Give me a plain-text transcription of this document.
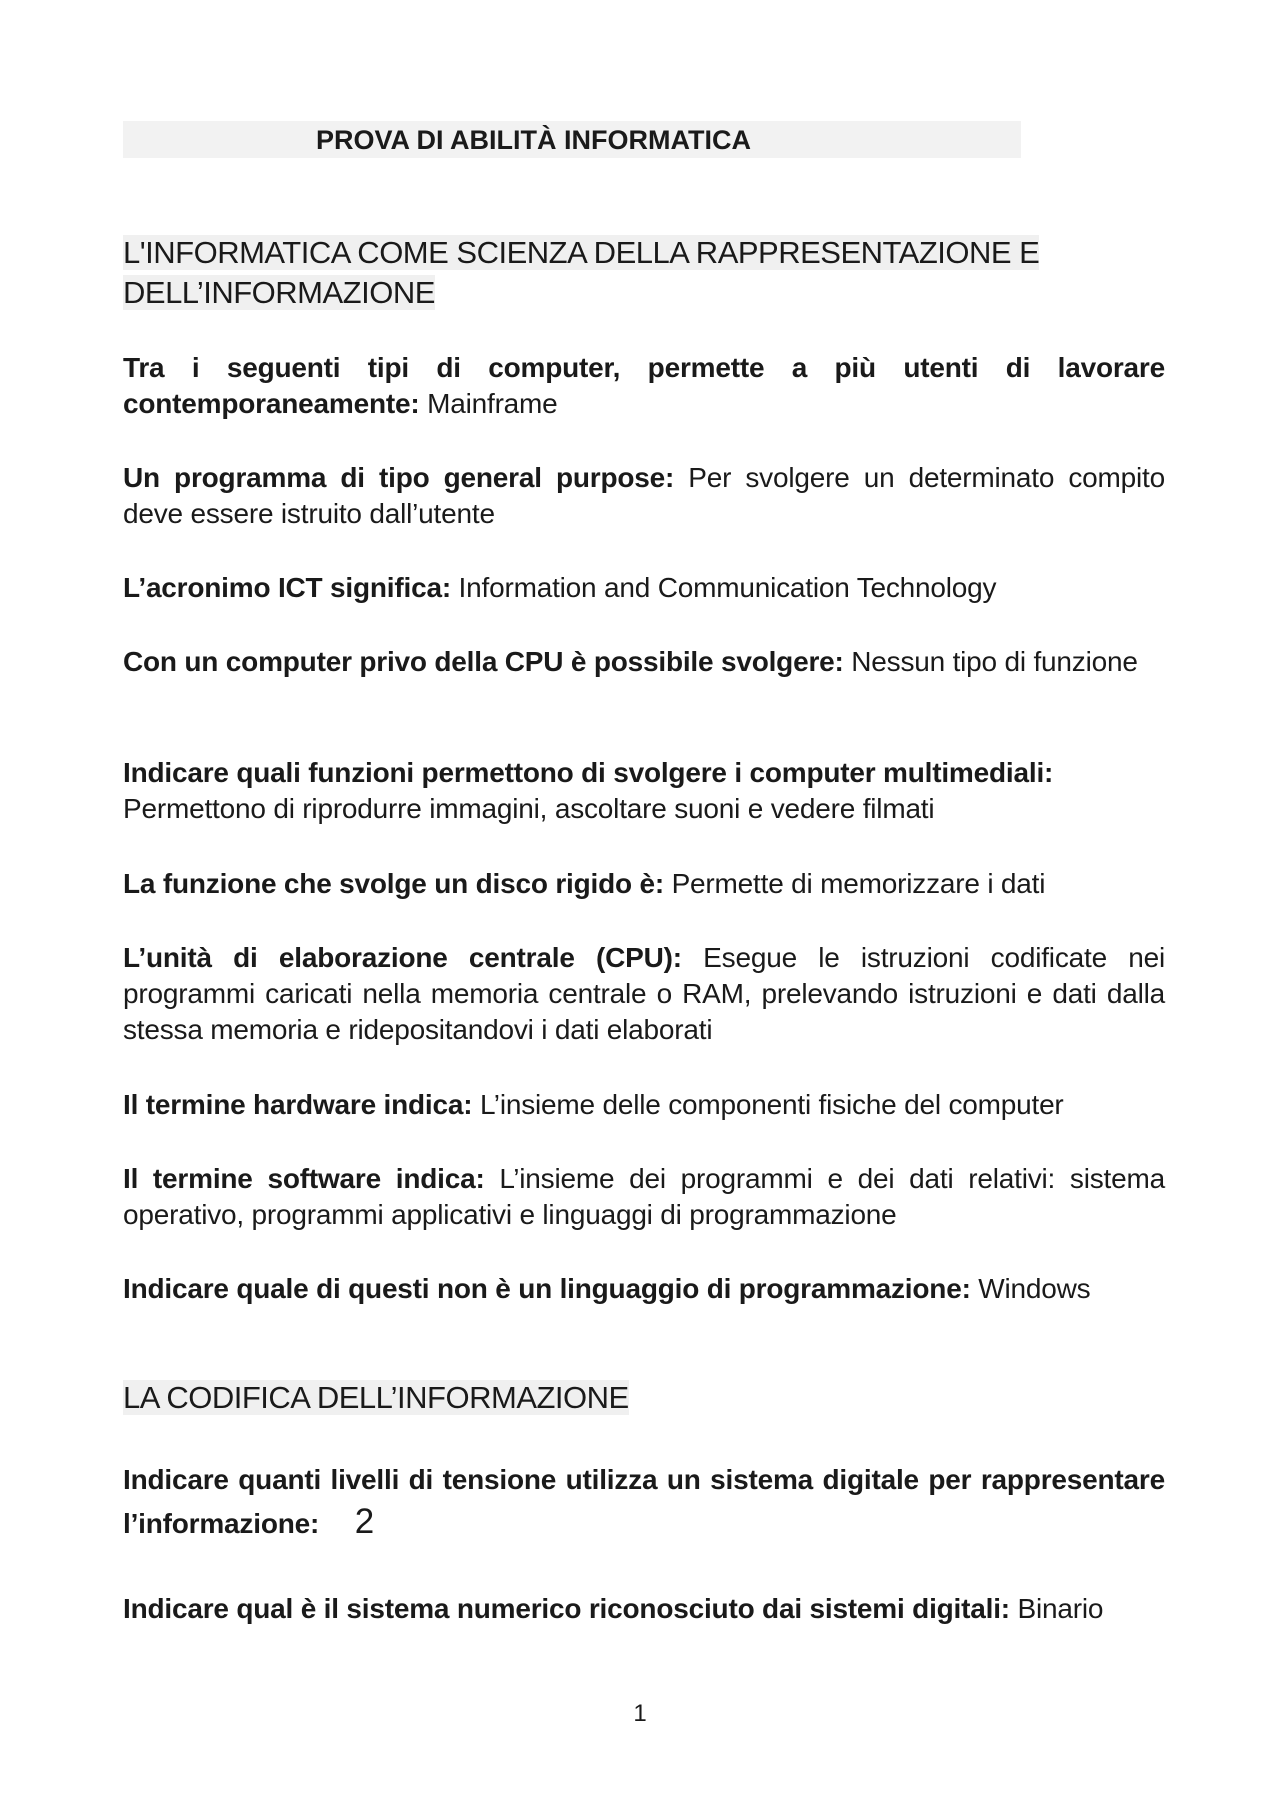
PROVA DI ABILITÀ INFORMATICA
L'INFORMATICA COME SCIENZA DELLA RAPPRESENTAZIONE E
DELL’INFORMAZIONE

Tra i seguenti tipi di computer, permette a più utenti di lavorare contemporaneamente: Mainframe

Un programma di tipo general purpose: Per svolgere un determinato compito deve essere istruito dall’utente

L’acronimo ICT significa: Information and Communication Technology

Con un computer privo della CPU è possibile svolgere: Nessun tipo di funzione

Indicare quali funzioni permettono di svolgere i computer multimediali:
Permettono di riprodurre immagini, ascoltare suoni e vedere filmati

La funzione che svolge un disco rigido è: Permette di memorizzare i dati

L’unità di elaborazione centrale (CPU): Esegue le istruzioni codificate nei programmi caricati nella memoria centrale o RAM, prelevando istruzioni e dati dalla stessa memoria e ridepositandovi i dati elaborati

Il termine hardware indica: L’insieme delle componenti fisiche del computer

Il termine software indica: L’insieme dei programmi e dei dati relativi: sistema operativo, programmi applicativi e linguaggi di programmazione

Indicare quale di questi non è un linguaggio di programmazione: Windows

LA CODIFICA DELL’INFORMAZIONE

Indicare quanti livelli di tensione utilizza un sistema digitale per rappresentare l’informazione: 2

Indicare qual è il sistema numerico riconosciuto dai sistemi digitali: Binario

1
